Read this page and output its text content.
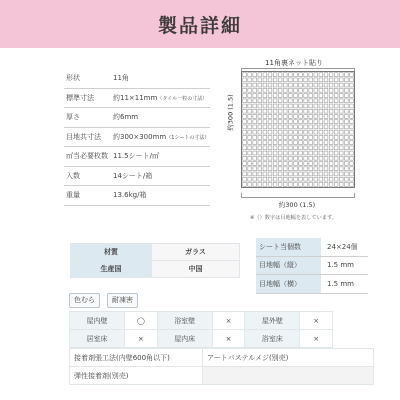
製品詳細
形状	11角
標準寸法	約11×11mm（タイル一粒の寸法）
厚さ	約6mm
目地共寸法	約300×300mm（1シートの寸法）
㎡当必要枚数	11.5シート/㎡
入数	14シート/箱
重量	13.6kg/箱
11角裏ネット貼り
約300 (1.5)
約300 (1.5)
※（）数字は目地幅を表しています。
材質	ガラス
生産国	中国
シート当個数	24×24個
目地幅（縦）	1.5 mm
目地幅（横）	1.5 mm
色むら	耐凍害
屋内壁	◯	浴室壁	×	屋外壁	×
居室床	×	屋内床	×	浴室床	×
接着剤張工法(内壁600角以下)	アートパステルメジ(別売)
弾性接着剤(別売)	
